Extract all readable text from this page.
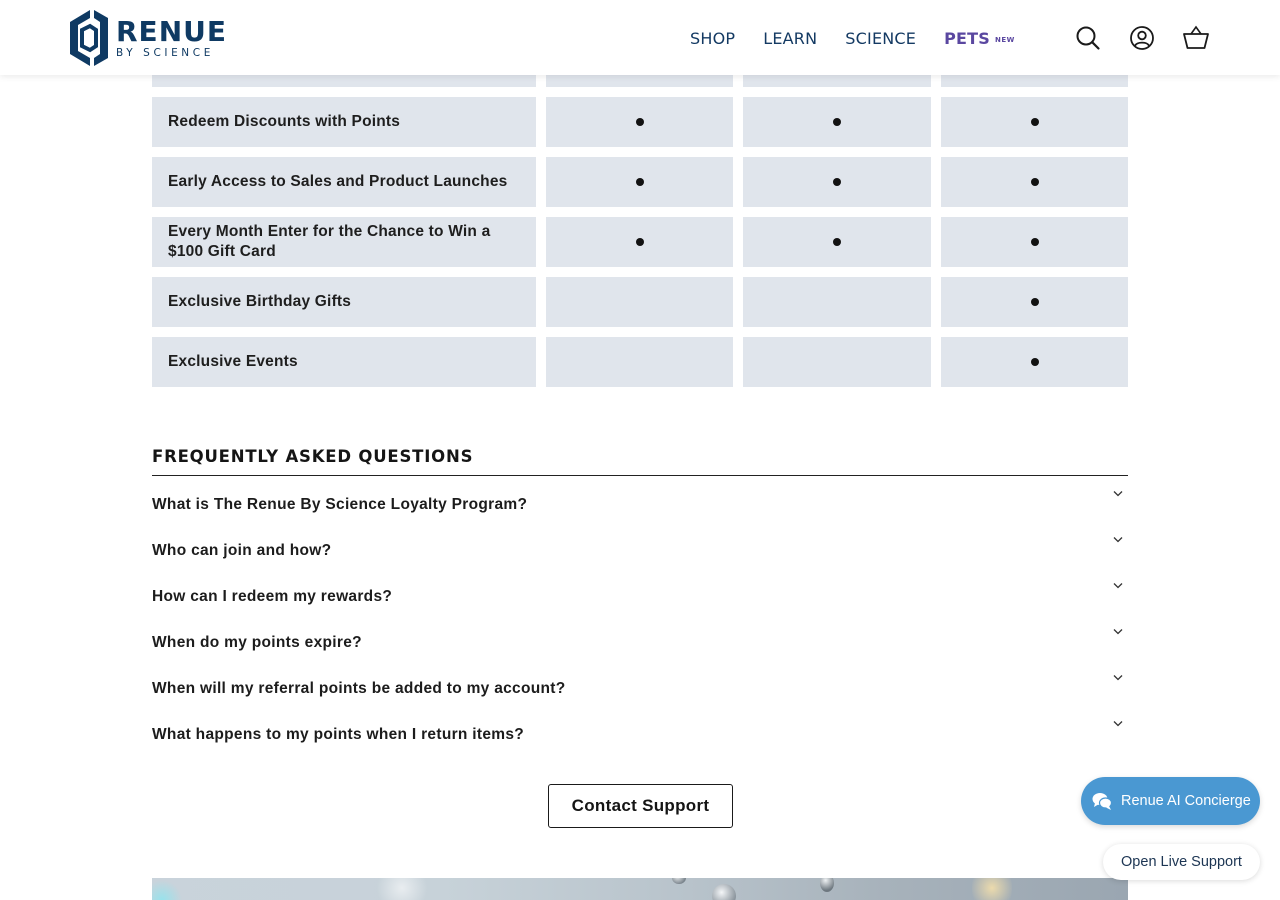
RENUE
BY SCIENCE
SHOP LEARN SCIENCE PETS NEW
Redeem Discounts with Points
Early Access to Sales and Product Launches
Every Month Enter for the Chance to Win a $100 Gift Card
Exclusive Birthday Gifts
Exclusive Events
FREQUENTLY ASKED QUESTIONS
What is The Renue By Science Loyalty Program?
Who can join and how?
How can I redeem my rewards?
When do my points expire?
When will my referral points be added to my account?
What happens to my points when I return items?
Contact Support	Renue AI Concierge
Open Live Support
